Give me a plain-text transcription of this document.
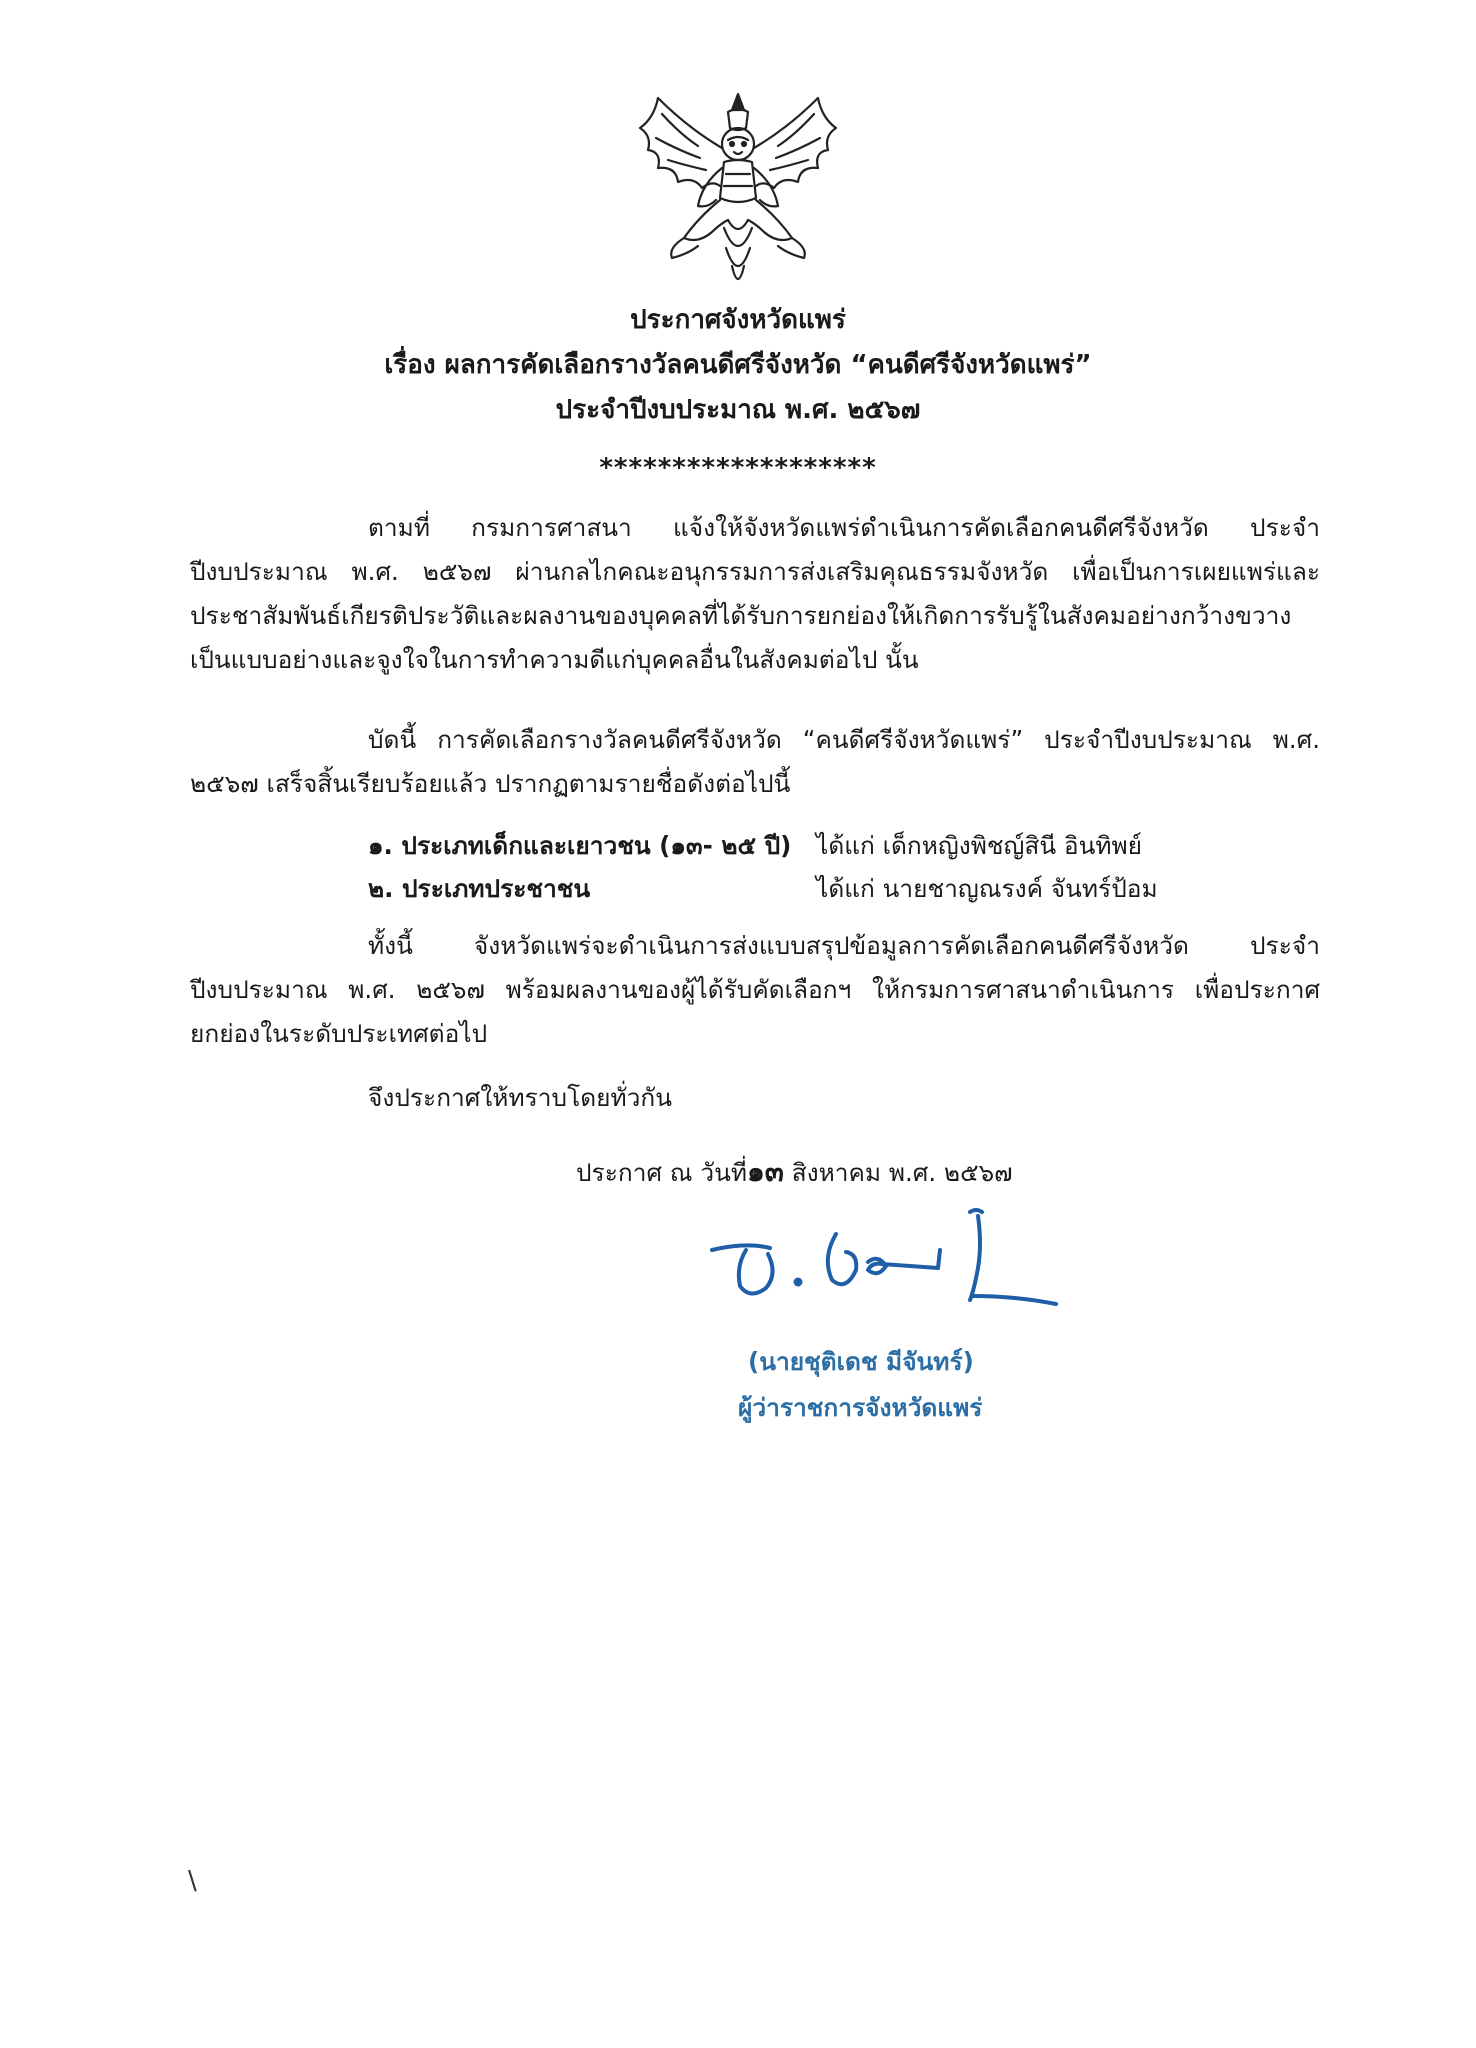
ประกาศจังหวัดแพร่
เรื่อง ผลการคัดเลือกรางวัลคนดีศรีจังหวัด “คนดีศรีจังหวัดแพร่”
ประจำปีงบประมาณ พ.ศ. ๒๕๖๗
*******************
ตามที่ กรมการศาสนา แจ้งให้จังหวัดแพร่ดำเนินการคัดเลือกคนดีศรีจังหวัด ประจำปีงบประมาณ พ.ศ. ๒๕๖๗ ผ่านกลไกคณะอนุกรรมการส่งเสริมคุณธรรมจังหวัด เพื่อเป็นการเผยแพร่และประชาสัมพันธ์เกียรติประวัติและผลงานของบุคคลที่ได้รับการยกย่องให้เกิดการรับรู้ในสังคมอย่างกว้างขวาง เป็นแบบอย่างและจูงใจในการทำความดีแก่บุคคลอื่นในสังคมต่อไป นั้น
บัดนี้ การคัดเลือกรางวัลคนดีศรีจังหวัด “คนดีศรีจังหวัดแพร่” ประจำปีงบประมาณ พ.ศ. ๒๕๖๗ เสร็จสิ้นเรียบร้อยแล้ว ปรากฏตามรายชื่อดังต่อไปนี้
๑. ประเภทเด็กและเยาวชน (๑๓- ๒๕ ปี) ได้แก่ เด็กหญิงพิชญ์สินี อินทิพย์
๒. ประเภทประชาชน	ได้แก่ นายชาญณรงค์ จันทร์ป้อม
ทั้งนี้ จังหวัดแพร่จะดำเนินการส่งแบบสรุปข้อมูลการคัดเลือกคนดีศรีจังหวัด ประจำปีงบประมาณ พ.ศ. ๒๕๖๗ พร้อมผลงานของผู้ได้รับคัดเลือกฯ ให้กรมการศาสนาดำเนินการ เพื่อประกาศยกย่องในระดับประเทศต่อไป
จึงประกาศให้ทราบโดยทั่วกัน
ประกาศ ณ วันที่๑๓ สิงหาคม พ.ศ. ๒๕๖๗
(นายชุติเดช มีจันทร์)
ผู้ว่าราชการจังหวัดแพร่
\
